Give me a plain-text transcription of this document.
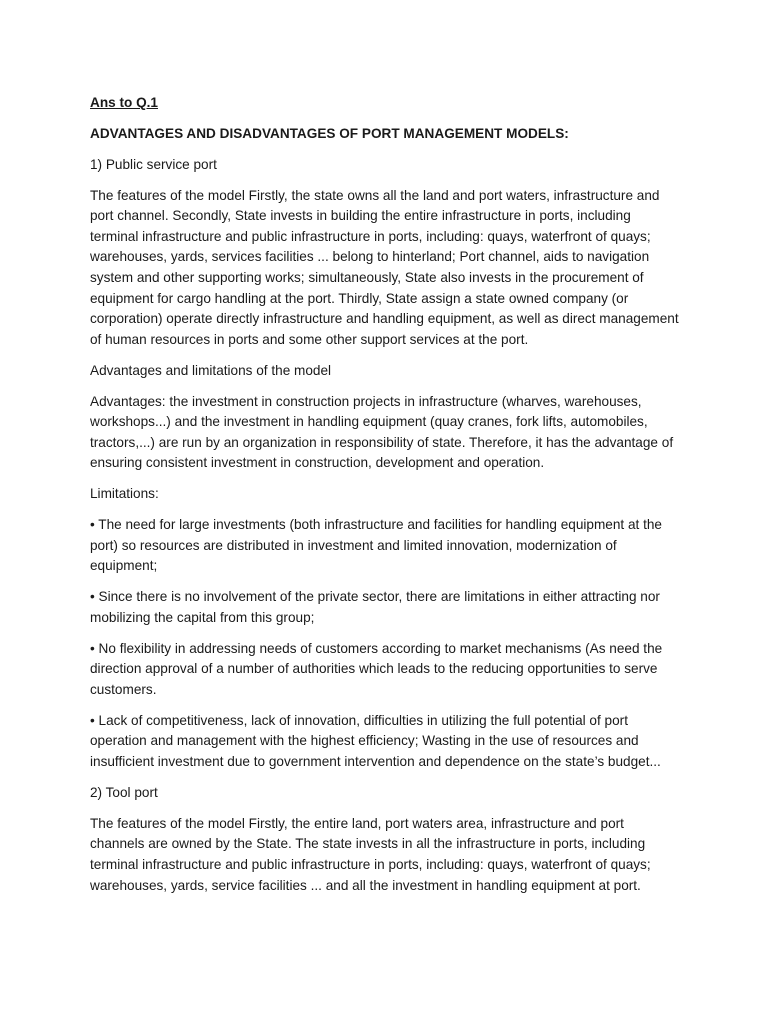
Ans to Q.1

ADVANTAGES AND DISADVANTAGES OF PORT MANAGEMENT MODELS:

1) Public service port

The features of the model Firstly, the state owns all the land and port waters, infrastructure and port channel. Secondly, State invests in building the entire infrastructure in ports, including terminal infrastructure and public infrastructure in ports, including: quays, waterfront of quays; warehouses, yards, services facilities ... belong to hinterland; Port channel, aids to navigation system and other supporting works; simultaneously, State also invests in the procurement of equipment for cargo handling at the port. Thirdly, State assign a state owned company (or corporation) operate directly infrastructure and handling equipment, as well as direct management of human resources in ports and some other support services at the port.

Advantages and limitations of the model

Advantages: the investment in construction projects in infrastructure (wharves, warehouses, workshops...) and the investment in handling equipment (quay cranes, fork lifts, automobiles, tractors,...) are run by an organization in responsibility of state. Therefore, it has the advantage of ensuring consistent investment in construction, development and operation.

Limitations:

• The need for large investments (both infrastructure and facilities for handling equipment at the port) so resources are distributed in investment and limited innovation, modernization of equipment;

• Since there is no involvement of the private sector, there are limitations in either attracting nor mobilizing the capital from this group;

• No flexibility in addressing needs of customers according to market mechanisms (As need the direction approval of a number of authorities which leads to the reducing opportunities to serve customers.

• Lack of competitiveness, lack of innovation, difficulties in utilizing the full potential of port operation and management with the highest efficiency; Wasting in the use of resources and insufficient investment due to government intervention and dependence on the state’s budget...

2) Tool port

The features of the model Firstly, the entire land, port waters area, infrastructure and port channels are owned by the State. The state invests in all the infrastructure in ports, including terminal infrastructure and public infrastructure in ports, including: quays, waterfront of quays; warehouses, yards, service facilities ... and all the investment in handling equipment at port.
